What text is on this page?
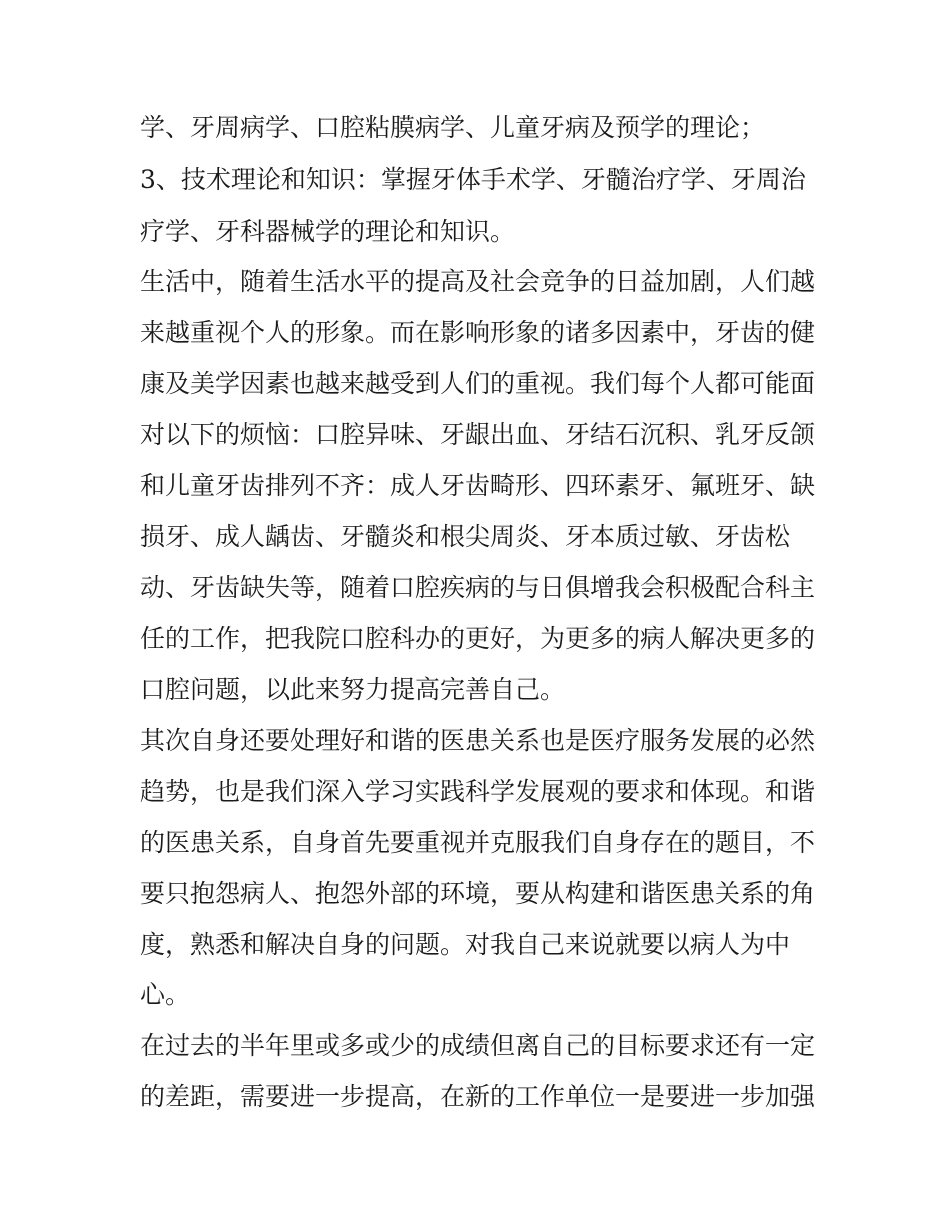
学、牙周病学、口腔粘膜病学、儿童牙病及预学的理论；
3、技术理论和知识：掌握牙体手术学、牙髓治疗学、牙周治
疗学、牙科器械学的理论和知识。
生活中，随着生活水平的提高及社会竞争的日益加剧，人们越
来越重视个人的形象。而在影响形象的诸多因素中，牙齿的健
康及美学因素也越来越受到人们的重视。我们每个人都可能面
对以下的烦恼：口腔异味、牙龈出血、牙结石沉积、乳牙反颌
和儿童牙齿排列不齐：成人牙齿畸形、四环素牙、氟班牙、缺
损牙、成人龋齿、牙髓炎和根尖周炎、牙本质过敏、牙齿松
动、牙齿缺失等，随着口腔疾病的与日俱增我会积极配合科主
任的工作，把我院口腔科办的更好，为更多的病人解决更多的
口腔问题，以此来努力提高完善自己。
其次自身还要处理好和谐的医患关系也是医疗服务发展的必然
趋势，也是我们深入学习实践科学发展观的要求和体现。和谐
的医患关系，自身首先要重视并克服我们自身存在的题目，不
要只抱怨病人、抱怨外部的环境，要从构建和谐医患关系的角
度，熟悉和解决自身的问题。对我自己来说就要以病人为中
心。
在过去的半年里或多或少的成绩但离自己的目标要求还有一定
的差距，需要进一步提高，在新的工作单位一是要进一步加强
